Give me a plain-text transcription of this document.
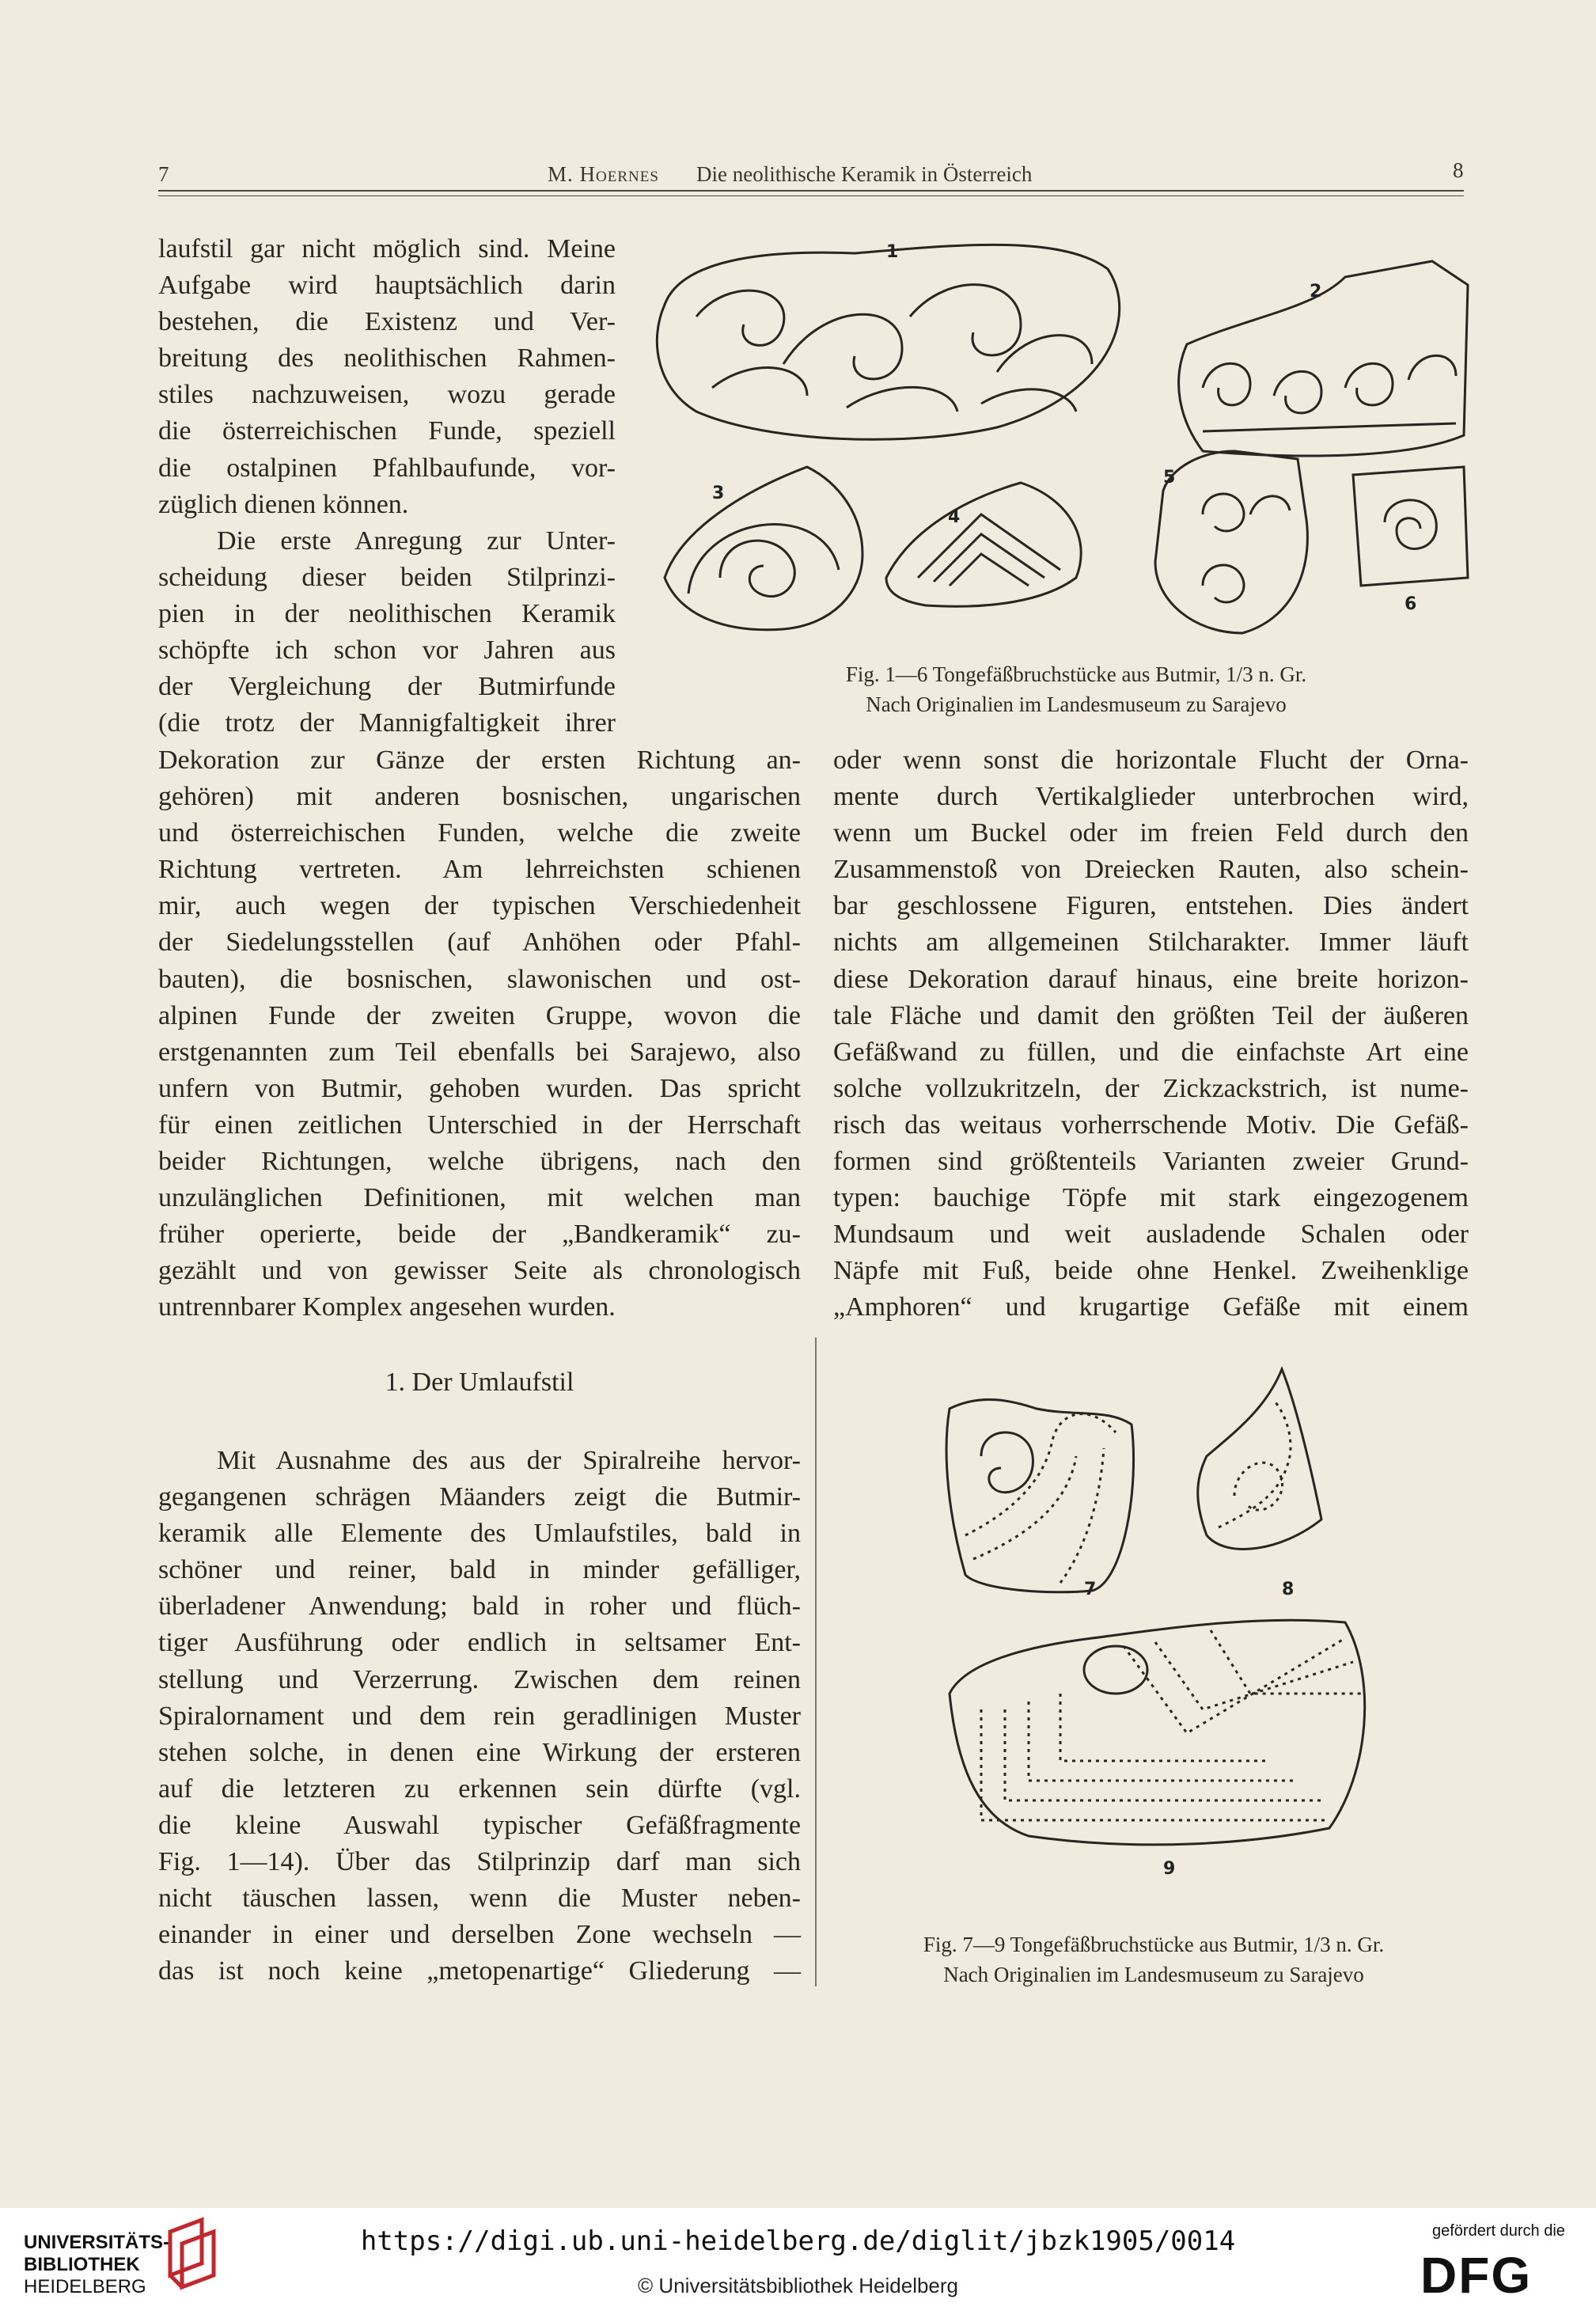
7	M. Hoernes Die neolithische Keramik in Österreich	8
1
2
3
4
5
6
Fig. 1—6 Tongefäßbruchstücke aus Butmir, 1/3 n. Gr.
Nach Originalien im Landesmuseum zu Sarajevo
laufstil gar nicht möglich sind. Meine
Aufgabe wird hauptsächlich darin
bestehen, die Existenz und Ver-
breitung des neolithischen Rahmen-
stiles nachzuweisen, wozu gerade
die österreichischen Funde, speziell
die ostalpinen Pfahlbaufunde, vor-
züglich dienen können.
Die erste Anregung zur Unter-
scheidung dieser beiden Stilprinzi-
pien in der neolithischen Keramik
schöpfte ich schon vor Jahren aus
der Vergleichung der Butmirfunde
(die trotz der Mannigfaltigkeit ihrer
Dekoration zur Gänze der ersten Richtung an-
gehören) mit anderen bosnischen, ungarischen
und österreichischen Funden, welche die zweite
Richtung vertreten. Am lehrreichsten schienen
mir, auch wegen der typischen Verschiedenheit
der Siedelungsstellen (auf Anhöhen oder Pfahl-
bauten), die bosnischen, slawonischen und ost-
alpinen Funde der zweiten Gruppe, wovon die
erstgenannten zum Teil ebenfalls bei Sarajewo, also
unfern von Butmir, gehoben wurden. Das spricht
für einen zeitlichen Unterschied in der Herrschaft
beider Richtungen, welche übrigens, nach den
unzulänglichen Definitionen, mit welchen man
früher operierte, beide der „Bandkeramik“ zu-
gezählt und von gewisser Seite als chronologisch
untrennbarer Komplex angesehen wurden.
oder wenn sonst die horizontale Flucht der Orna-
mente durch Vertikalglieder unterbrochen wird,
wenn um Buckel oder im freien Feld durch den
Zusammenstoß von Dreiecken Rauten, also schein-
bar geschlossene Figuren, entstehen. Dies ändert
nichts am allgemeinen Stilcharakter. Immer läuft
diese Dekoration darauf hinaus, eine breite horizon-
tale Fläche und damit den größten Teil der äußeren
Gefäßwand zu füllen, und die einfachste Art eine
solche vollzukritzeln, der Zickzackstrich, ist nume-
risch das weitaus vorherrschende Motiv. Die Gefäß-
formen sind größtenteils Varianten zweier Grund-
typen: bauchige Töpfe mit stark eingezogenem
Mundsaum und weit ausladende Schalen oder
Näpfe mit Fuß, beide ohne Henkel. Zweihenklige
„Amphoren“ und krugartige Gefäße mit einem
1. Der Umlaufstil
Mit Ausnahme des aus der Spiralreihe hervor-
gegangenen schrägen Mäanders zeigt die Butmir-
keramik alle Elemente des Umlaufstiles, bald in
schöner und reiner, bald in minder gefälliger,
überladener Anwendung; bald in roher und flüch-
tiger Ausführung oder endlich in seltsamer Ent-
stellung und Verzerrung. Zwischen dem reinen
Spiralornament und dem rein geradlinigen Muster
stehen solche, in denen eine Wirkung der ersteren
auf die letzteren zu erkennen sein dürfte (vgl.
die kleine Auswahl typischer Gefäßfragmente
Fig. 1—14). Über das Stilprinzip darf man sich
nicht täuschen lassen, wenn die Muster neben-
einander in einer und derselben Zone wechseln —
das ist noch keine „metopenartige“ Gliederung —
7	8
9
Fig. 7—9 Tongefäßbruchstücke aus Butmir, 1/3 n. Gr.
Nach Originalien im Landesmuseum zu Sarajevo
UNIVERSITÄTS-
BIBLIOTHEK
HEIDELBERG
https://digi.ub.uni-heidelberg.de/diglit/jbzk1905/0014
© Universitätsbibliothek Heidelberg
gefördert durch die
DFG
